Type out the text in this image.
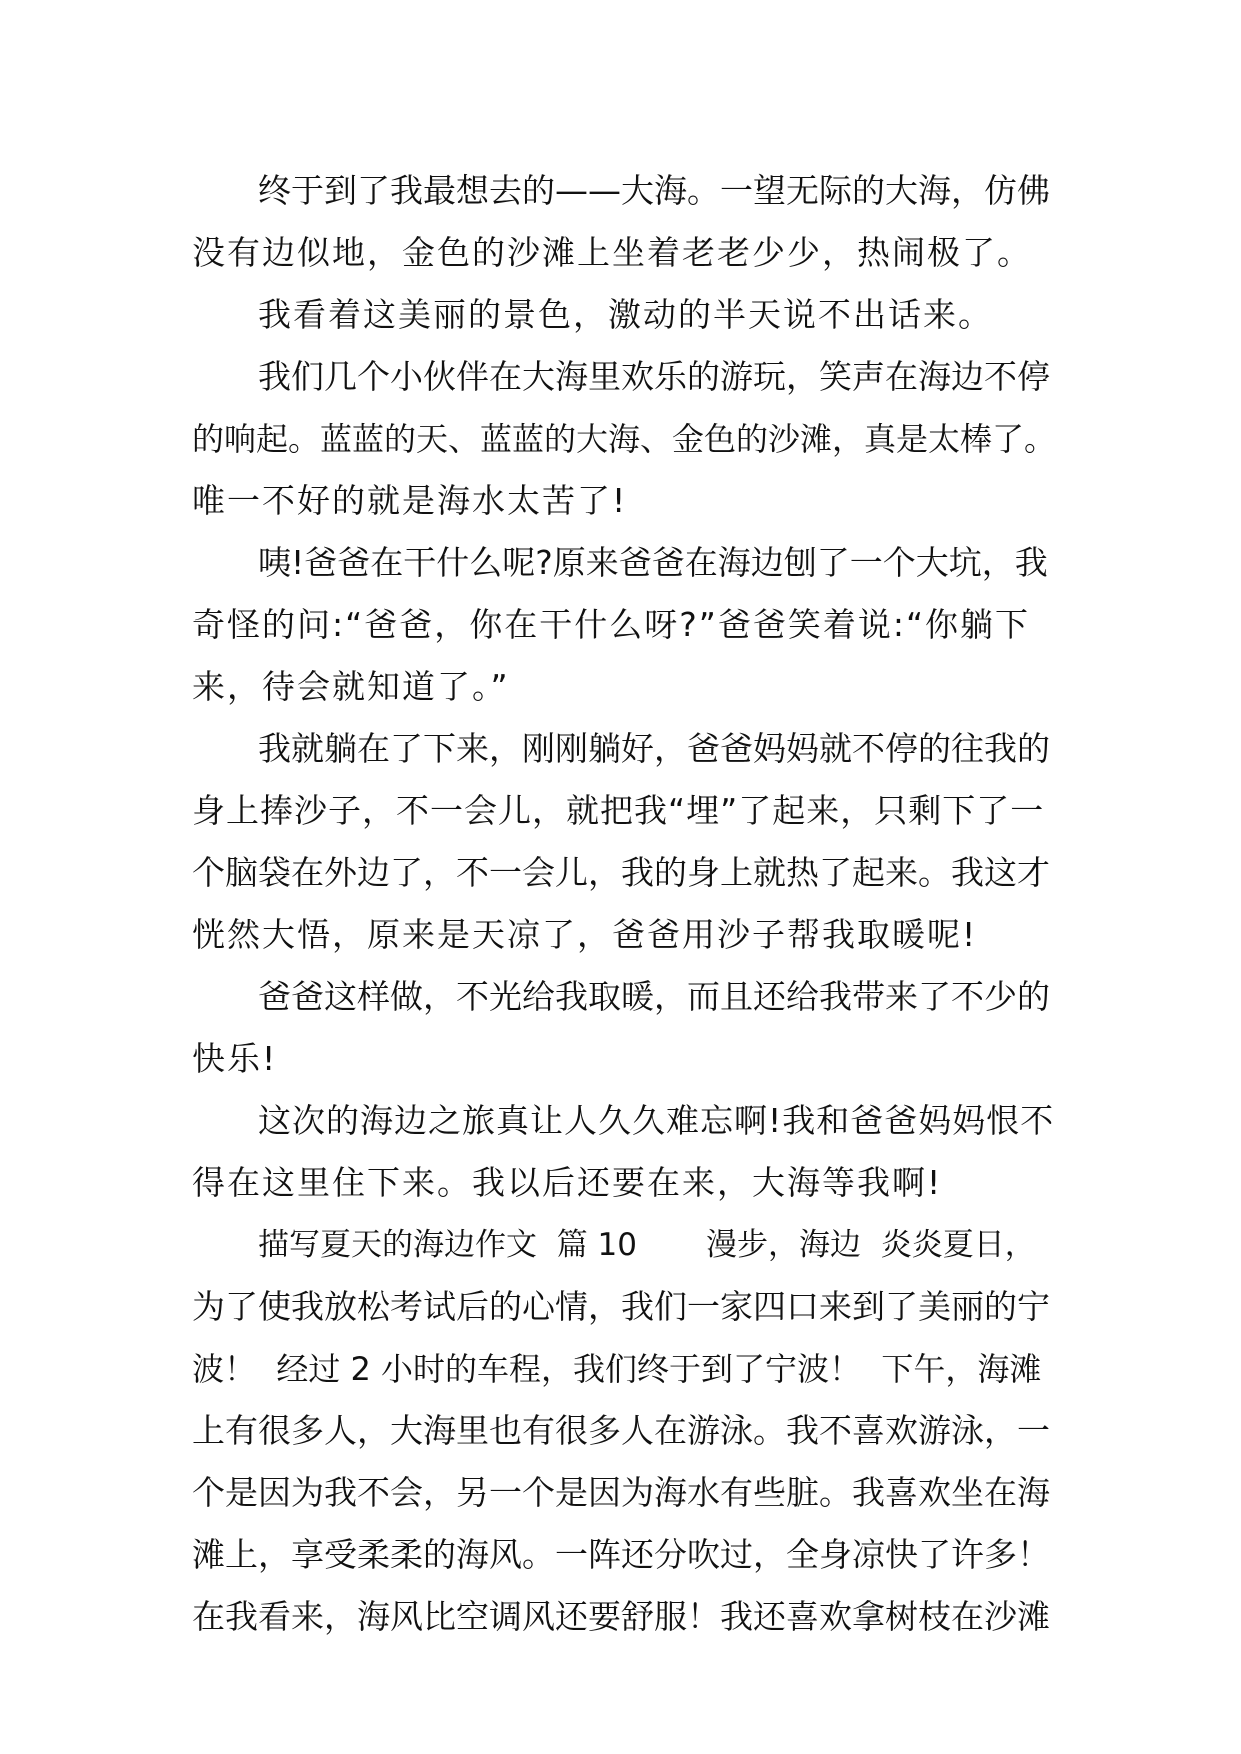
终于到了我最想去的——大海。一望无际的大海，仿佛
没有边似地，金色的沙滩上坐着老老少少，热闹极了。
我看着这美丽的景色，激动的半天说不出话来。
我们几个小伙伴在大海里欢乐的游玩，笑声在海边不停
的响起。蓝蓝的天、蓝蓝的大海、金色的沙滩，真是太棒了。
唯一不好的就是海水太苦了!
咦!爸爸在干什么呢?原来爸爸在海边刨了一个大坑，我
奇怪的问:“爸爸，你在干什么呀?”爸爸笑着说:“你躺下
来，待会就知道了。”
我就躺在了下来，刚刚躺好，爸爸妈妈就不停的往我的
身上捧沙子，不一会儿，就把我“埋”了起来，只剩下了一
个脑袋在外边了，不一会儿，我的身上就热了起来。我这才
恍然大悟，原来是天凉了，爸爸用沙子帮我取暖呢!
爸爸这样做，不光给我取暖，而且还给我带来了不少的
快乐!
这次的海边之旅真让人久久难忘啊!我和爸爸妈妈恨不
得在这里住下来。我以后还要在来，大海等我啊!
描写夏天的海边作文  篇 10       漫步，海边  炎炎夏日，
为了使我放松考试后的心情，我们一家四口来到了美丽的宁
波！  经过 2 小时的车程，我们终于到了宁波！  下午，海滩
上有很多人，大海里也有很多人在游泳。我不喜欢游泳，一
个是因为我不会，另一个是因为海水有些脏。我喜欢坐在海
滩上，享受柔柔的海风。一阵还分吹过，全身凉快了许多！
在我看来，海风比空调风还要舒服！我还喜欢拿树枝在沙滩
